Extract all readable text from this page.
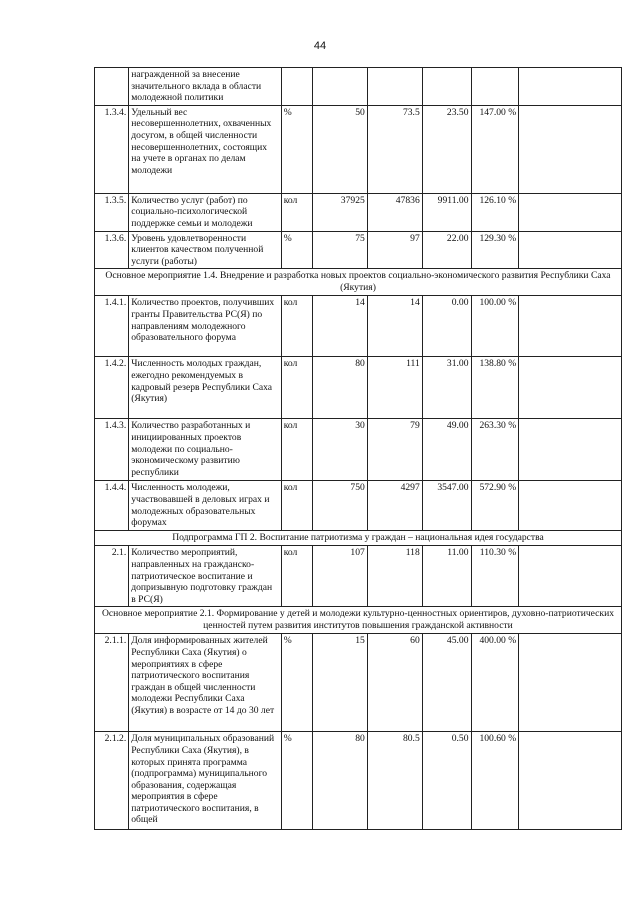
44
	награжденной за внесение значительного вклада в области молодежной политики						
1.3.4.	Удельный вес несовершеннолетних, охваченных досугом, в общей численности несовершеннолетних, состоящих на учете в органах по делам молодежи	%	50	73.5	23.50	147.00 %	
1.3.5.	Количество услуг (работ) по социально-психологической поддержке семьи и молодежи	кол	37925	47836	9911.00	126.10 %	
1.3.6.	Уровень удовлетворенности клиентов качеством полученной услуги (работы)	%	75	97	22.00	129.30 %	
Основное мероприятие 1.4. Внедрение и разработка новых проектов социально-экономического развития Республики Саха (Якутия)							
1.4.1.	Количество проектов, получивших гранты Правительства РС(Я) по направлениям молодежного образовательного форума	кол	14	14	0.00	100.00 %	
1.4.2.	Численность молодых граждан, ежегодно рекомендуемых в кадровый резерв Республики Саха (Якутия)	кол	80	111	31.00	138.80 %	
1.4.3.	Количество разработанных и инициированных проектов молодежи по социально-экономическому развитию республики	кол	30	79	49.00	263.30 %	
1.4.4.	Численность молодежи, участвовавшей в деловых играх и молодежных образовательных форумах	кол	750	4297	3547.00	572.90 %	
Подпрограмма ГП 2. Воспитание патриотизма у граждан – национальная идея государства							
2.1.	Количество мероприятий, направленных на гражданско-патриотическое воспитание и допризывную подготовку граждан в РС(Я)	кол	107	118	11.00	110.30 %	
Основное мероприятие 2.1. Формирование у детей и молодежи культурно-ценностных ориентиров, духовно-патриотических ценностей путем развития институтов повышения гражданской активности							
2.1.1.	Доля информированных жителей Республики Саха (Якутия) о мероприятиях в сфере патриотического воспитания граждан в общей численности молодежи Республики Саха (Якутия) в возрасте от 14 до 30 лет	%	15	60	45.00	400.00 %	
2.1.2.	Доля муниципальных образований Республики Саха (Якутия), в которых принята программа (подпрограмма) муниципального образования, содержащая мероприятия в сфере патриотического воспитания, в общей	%	80	80.5	0.50	100.60 %	
